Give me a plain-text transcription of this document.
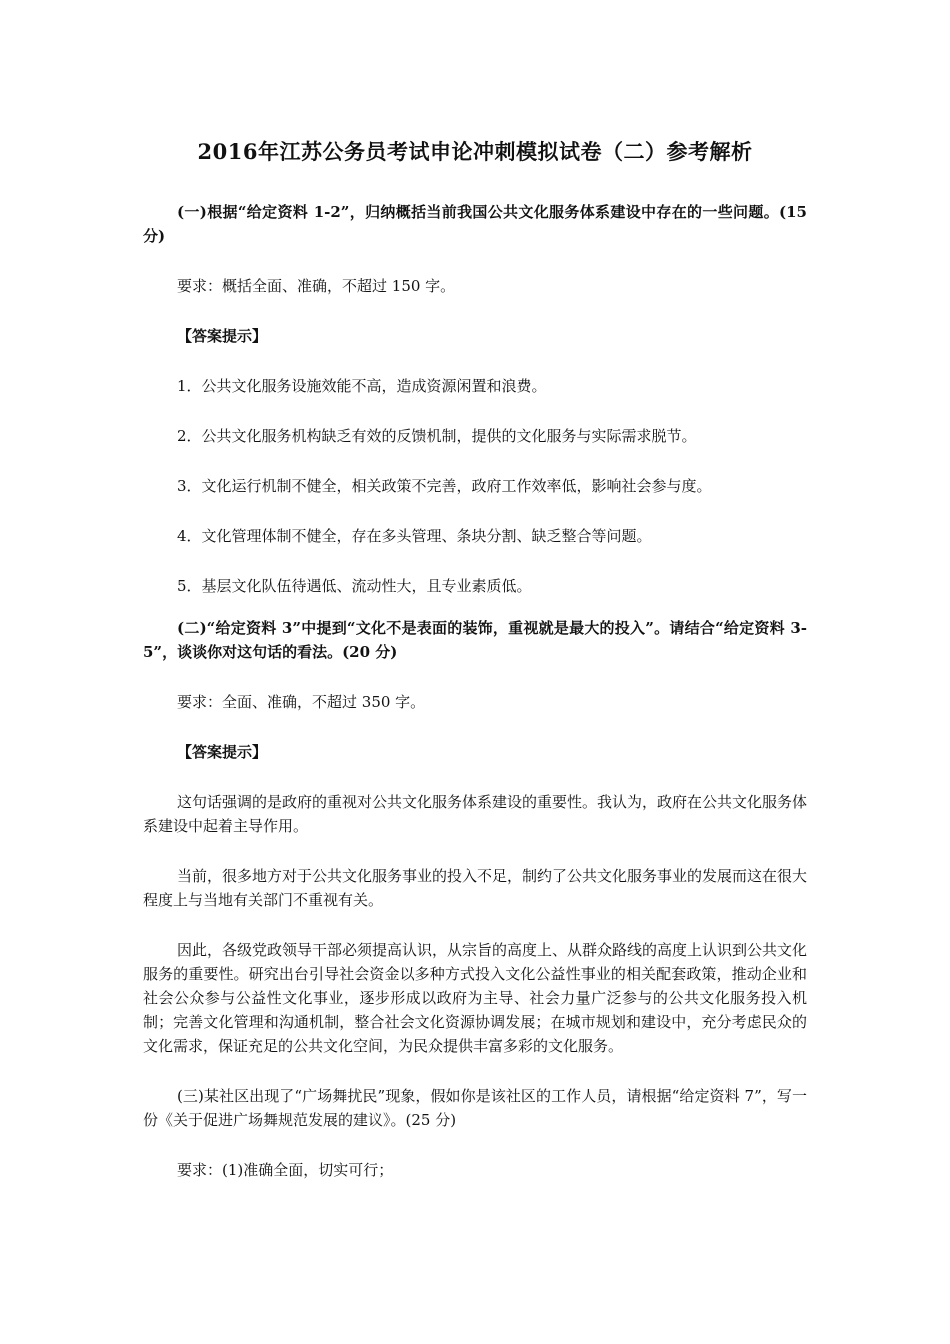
2016年江苏公务员考试申论冲刺模拟试卷（二）参考解析

(一)根据“给定资料 1-2”，归纳概括当前我国公共文化服务体系建设中存在的一些问题。(15 分)

要求：概括全面、准确，不超过 150 字。

【答案提示】

1．公共文化服务设施效能不高，造成资源闲置和浪费。

2．公共文化服务机构缺乏有效的反馈机制，提供的文化服务与实际需求脱节。

3．文化运行机制不健全，相关政策不完善，政府工作效率低，影响社会参与度。

4．文化管理体制不健全，存在多头管理、条块分割、缺乏整合等问题。

5．基层文化队伍待遇低、流动性大，且专业素质低。

(二)“给定资料 3”中提到“文化不是表面的装饰，重视就是最大的投入”。请结合“给定资料 3-5”，谈谈你对这句话的看法。(20 分)

要求：全面、准确，不超过 350 字。

【答案提示】

这句话强调的是政府的重视对公共文化服务体系建设的重要性。我认为，政府在公共文化服务体系建设中起着主导作用。

当前，很多地方对于公共文化服务事业的投入不足，制约了公共文化服务事业的发展而这在很大程度上与当地有关部门不重视有关。

因此，各级党政领导干部必须提高认识，从宗旨的高度上、从群众路线的高度上认识到公共文化服务的重要性。研究出台引导社会资金以多种方式投入文化公益性事业的相关配套政策，推动企业和社会公众参与公益性文化事业，逐步形成以政府为主导、社会力量广泛参与的公共文化服务投入机制；完善文化管理和沟通机制，整合社会文化资源协调发展；在城市规划和建设中，充分考虑民众的文化需求，保证充足的公共文化空间，为民众提供丰富多彩的文化服务。

(三)某社区出现了“广场舞扰民”现象，假如你是该社区的工作人员，请根据“给定资料 7”，写一份《关于促进广场舞规范发展的建议》。(25 分)

要求：(1)准确全面，切实可行；
